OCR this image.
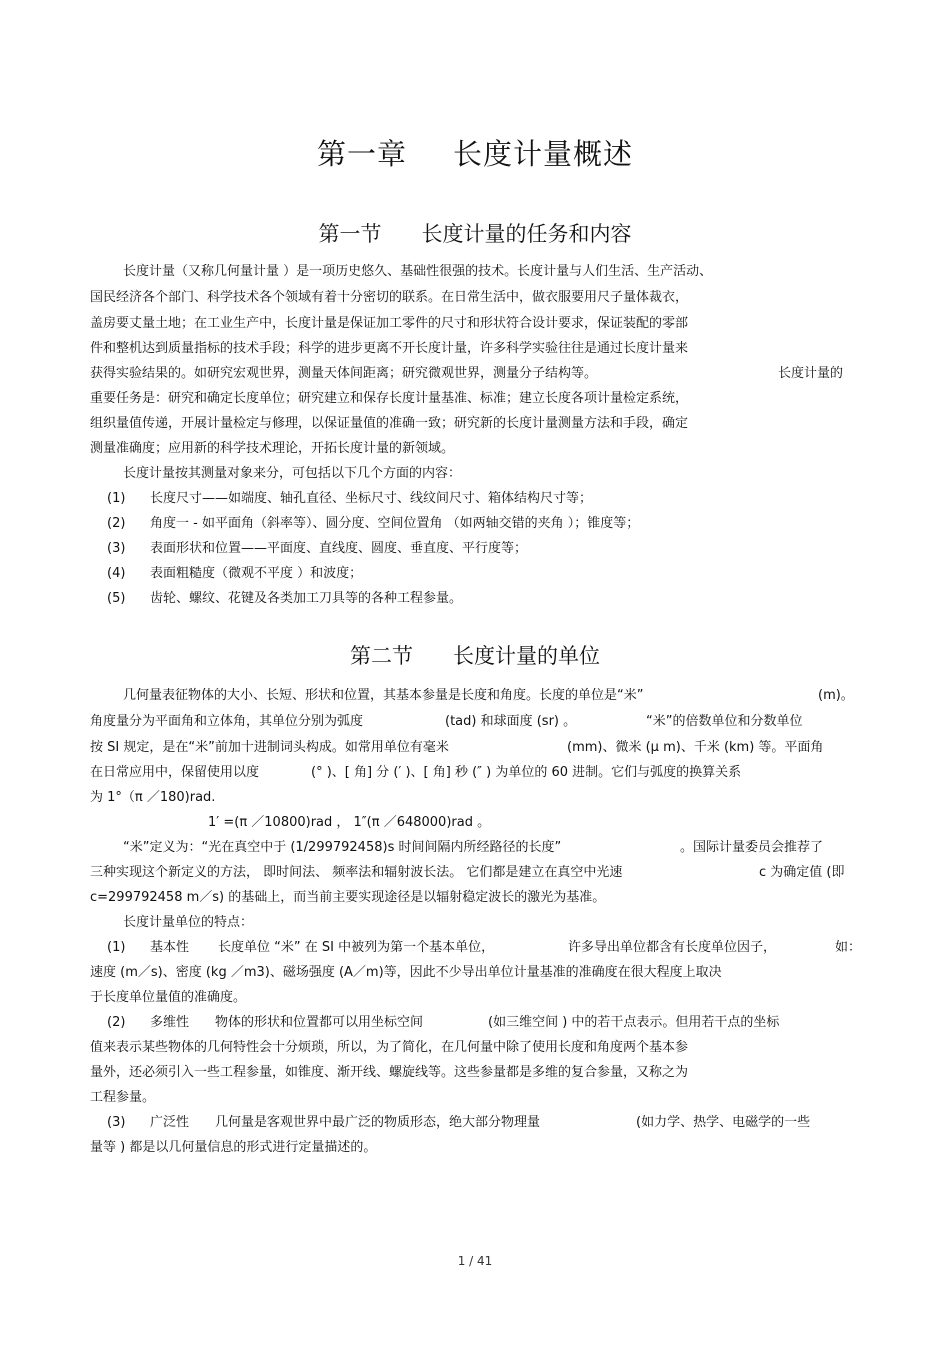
第一章 长度计量概述
第一节 长度计量的任务和内容
长度计量（又称几何量计量 ）是一项历史悠久、基础性很强的技术。长度计量与人们生活、生产活动、
国民经济各个部门、科学技术各个领域有着十分密切的联系。在日常生活中，做衣服要用尺子量体裁衣，
盖房要丈量土地；在工业生产中，长度计量是保证加工零件的尺寸和形状符合设计要求，保证装配的零部
件和整机达到质量指标的技术手段；科学的进步更离不开长度计量，许多科学实验往往是通过长度计量来
获得实验结果的。如研究宏观世界，测量天体间距离；研究微观世界，测量分子结构等。	长度计量的
重要任务是：研究和确定长度单位；研究建立和保存长度计量基准、标准；建立长度各项计量检定系统，
组织量值传递，开展计量检定与修理，以保证量值的准确一致；研究新的长度计量测量方法和手段，确定
测量准确度；应用新的科学技术理论，开拓长度计量的新领域。
长度计量按其测量对象来分，可包括以下几个方面的内容：
(1) 长度尺寸——如端度、轴孔直径、坐标尺寸、线纹间尺寸、箱体结构尺寸等；
(2) 角度一 - 如平面角（斜率等）、圆分度、空间位置角 （如两轴交错的夹角 ）；锥度等；
(3) 表面形状和位置——平面度、直线度、圆度、垂直度、平行度等；
(4) 表面粗糙度（微观不平度 ）和波度；
(5) 齿轮、螺纹、花键及各类加工刀具等的各种工程参量。
第二节 长度计量的单位
几何量表征物体的大小、长短、形状和位置，其基本参量是长度和角度。长度的单位是“米”	(m)。
角度量分为平面角和立体角，其单位分别为弧度	(tad) 和球面度 (sr) 。	“米”的倍数单位和分数单位
按 SI 规定，是在“米”前加十进制词头构成。如常用单位有毫米	(mm)、微米 (μ m)、千米 (km) 等。平面角
在日常应用中，保留使用以度	(° )、[ 角] 分 (′ )、[ 角] 秒 (″ ) 为单位的 60 进制。它们与弧度的换算关系
为 1°（π ／180)rad.
1′ =(π ／10800)rad ， 1″(π ／648000)rad 。
“米”定义为：“光在真空中于 (1/299792458)s 时间间隔内所经路径的长度”	。国际计量委员会推荐了
三种实现这个新定义的方法， 即时间法、 频率法和辐射波长法。 它们都是建立在真空中光速	c 为确定值 (即
c=299792458 m／s) 的基础上，而当前主要实现途径是以辐射稳定波长的激光为基准。
长度计量单位的特点：
(1) 基本性 长度单位 “米” 在 SI 中被列为第一个基本单位，	许多导出单位都含有长度单位因子，	如：
速度 (m／s)、密度 (kg ／m3)、磁场强度 (A／m)等，因此不少导出单位计量基准的准确度在很大程度上取决
于长度单位量值的准确度。
(2) 多维性 物体的形状和位置都可以用坐标空间	(如三维空间 ) 中的若干点表示。但用若干点的坐标
值来表示某些物体的几何特性会十分烦琐，所以，为了简化，在几何量中除了使用长度和角度两个基本参
量外，还必须引入一些工程参量，如锥度、渐开线、螺旋线等。这些参量都是多维的复合参量，又称之为
工程参量。
(3) 广泛性 几何量是客观世界中最广泛的物质形态，绝大部分物理量	(如力学、热学、电磁学的一些
量等 ) 都是以几何量信息的形式进行定量描述的。
1 / 41
